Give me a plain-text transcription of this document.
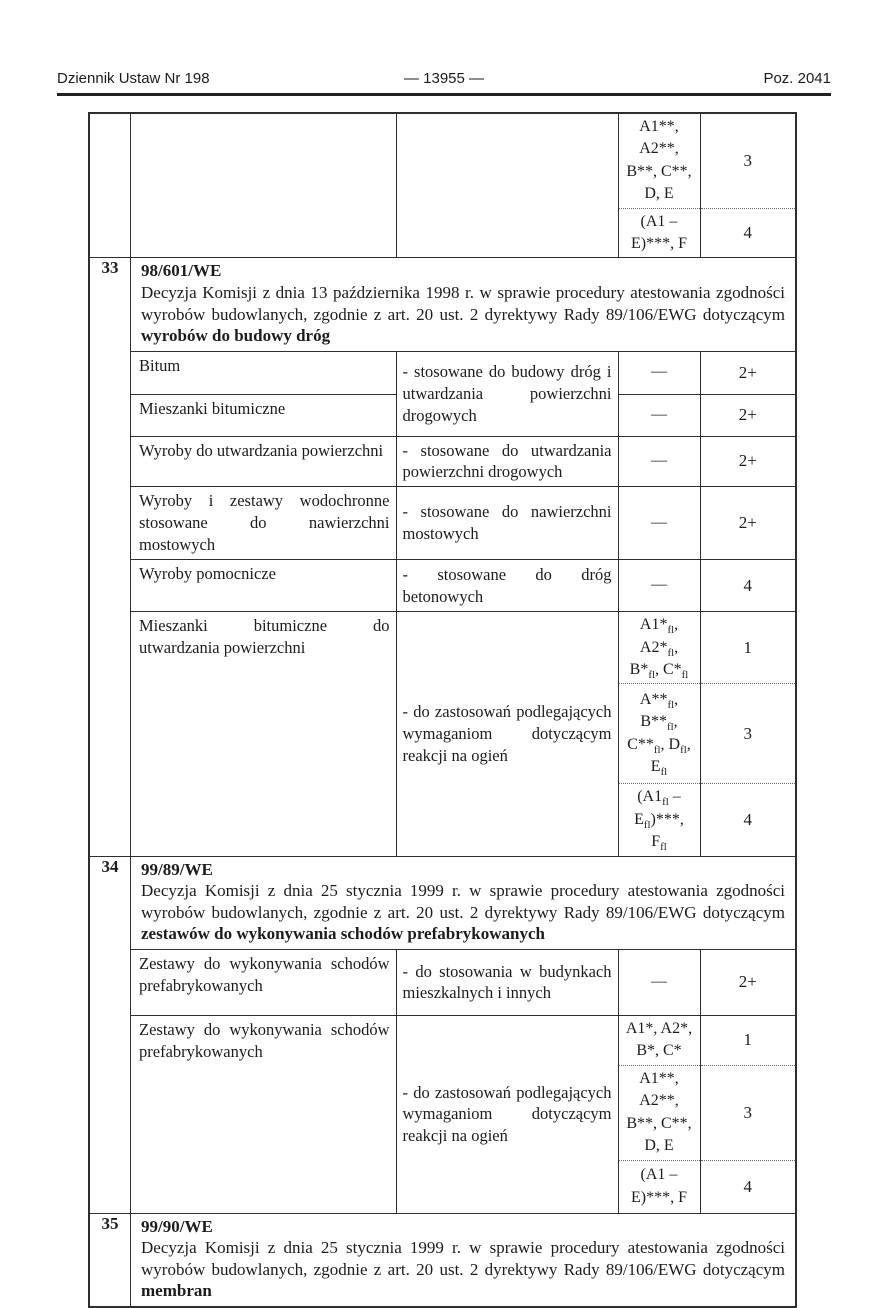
Dziennik Ustaw Nr 198	— 13955 —	Poz. 2041

		A1**,
A2**,
B**, C**,
D, E	3
(A1 –
E)***, F	4

33	98/601/WE
Decyzja Komisji z dnia 13 października 1998 r. w sprawie procedury atestowania zgodności wyrobów budowlanych, zgodnie z art. 20 ust. 2 dyrektywy Rady 89/106/EWG dotyczącym wyrobów do budowy dróg
Bitum	- stosowane do budowy dróg i utwardzania powierzchni drogowych	—	2+
Mieszanki bitumiczne	—	2+
Wyroby do utwardzania powierzchni	- stosowane do utwardzania powierzchni drogowych	—	2+
Wyroby i zestawy wodochronne stosowane do nawierzchni mostowych	- stosowane do nawierzchni mostowych	—	2+
Wyroby pomocnicze	- stosowane do dróg betonowych	—	4
Mieszanki bitumiczne do utwardzania powierzchni	- do zastosowań podlegających wymaganiom dotyczącym reakcji na ogień	$A1*_{fl}$,
$A2*_{fl}$,
$B*_{fl}$, $C*_{fl}$	1
$A**_{fl}$,
$B**_{fl}$,
$C**_{fl}$, $D_{fl}$,
$E_{fl}$	3
($A1_{fl}$ –
$E_{fl})***$,
$F_{fl}$	4

34	99/89/WE
Decyzja Komisji z dnia 25 stycznia 1999 r. w sprawie procedury atestowania zgodności wyrobów budowlanych, zgodnie z art. 20 ust. 2 dyrektywy Rady 89/106/EWG dotyczącym zestawów do wykonywania schodów prefabrykowanych
Zestawy do wykonywania schodów prefabrykowanych	- do stosowania w budynkach mieszkalnych i innych	—	2+
Zestawy do wykonywania schodów prefabrykowanych	- do zastosowań podlegających wymaganiom dotyczącym reakcji na ogień	A1*, A2*,
B*, C*	1
A1**,
A2**,
B**, C**,
D, E	3
(A1 –
E)***, F	4

35	99/90/WE
Decyzja Komisji z dnia 25 stycznia 1999 r. w sprawie procedury atestowania zgodności wyrobów budowlanych, zgodnie z art. 20 ust. 2 dyrektywy Rady 89/106/EWG dotyczącym membran
